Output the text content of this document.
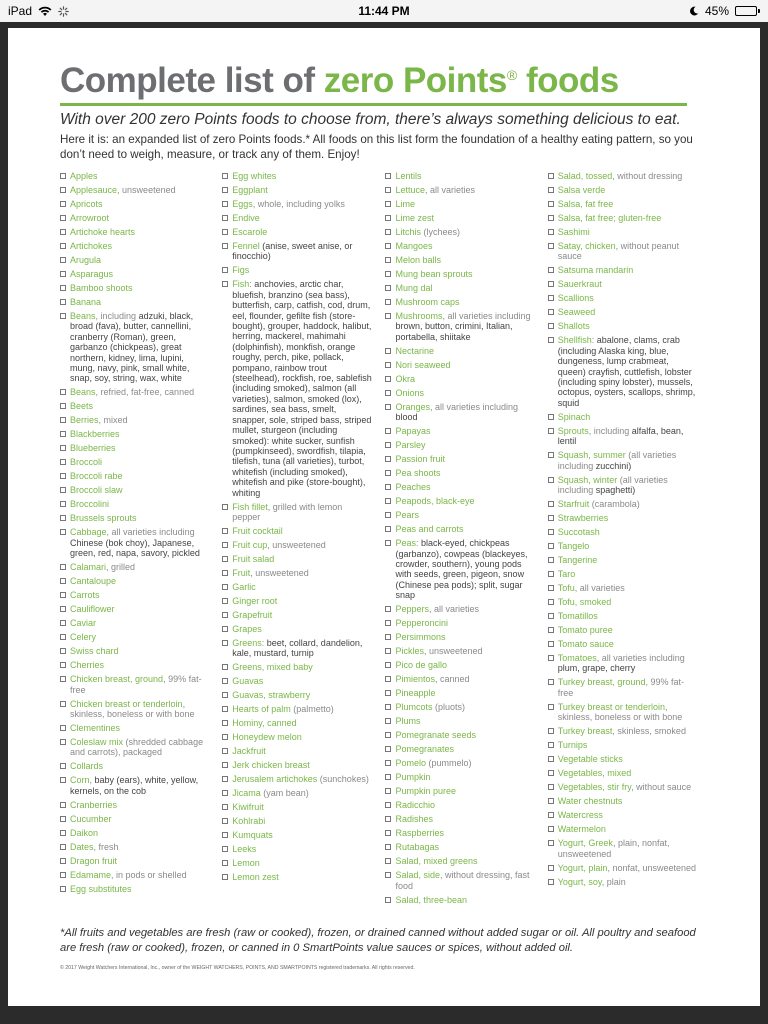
iPad	11:44 PM	45%
Complete list of zero Points® foods
With over 200 zero Points foods to choose from, there’s always something delicious to eat.
Here it is: an expanded list of zero Points foods.* All foods on this list form the foundation of a healthy eating pattern, so you don’t need to weigh, measure, or track any of them. Enjoy!
Apples
Applesauce, unsweetened
Apricots
Arrowroot
Artichoke hearts
Artichokes
Arugula
Asparagus
Bamboo shoots
Banana
Beans, including adzuki, black, broad (fava), butter, cannellini, cranberry (Roman), green, garbanzo (chickpeas), great northern, kidney, lima, lupini, mung, navy, pink, small white, snap, soy, string, wax, white
Beans, refried, fat-free, canned
Beets
Berries, mixed
Blackberries
Blueberries
Broccoli
Broccoli rabe
Broccoli slaw
Broccolini
Brussels sprouts
Cabbage, all varieties including Chinese (bok choy), Japanese, green, red, napa, savory, pickled
Calamari, grilled
Cantaloupe
Carrots
Cauliflower
Caviar
Celery
Swiss chard
Cherries
Chicken breast, ground, 99% fat-free
Chicken breast or tenderloin, skinless, boneless or with bone
Clementines
Coleslaw mix (shredded cabbage and carrots), packaged
Collards
Corn, baby (ears), white, yellow, kernels, on the cob
Cranberries
Cucumber
Daikon
Dates, fresh
Dragon fruit
Edamame, in pods or shelled
Egg substitutes
Egg whites
Eggplant
Eggs, whole, including yolks
Endive
Escarole
Fennel (anise, sweet anise, or finocchio)
Figs
Fish: anchovies, arctic char, bluefish, branzino (sea bass), butterfish, carp, catfish, cod, drum, eel, flounder, gefilte fish (store-bought), grouper, haddock, halibut, herring, mackerel, mahimahi (dolphinfish), monkfish, orange roughy, perch, pike, pollack, pompano, rainbow trout (steelhead), rockfish, roe, sablefish (including smoked), salmon (all varieties), salmon, smoked (lox), sardines, sea bass, smelt, snapper, sole, striped bass, striped mullet, sturgeon (including smoked): white sucker, sunfish (pumpkinseed), swordfish, tilapia, tilefish, tuna (all varieties), turbot, whitefish (including smoked), whitefish and pike (store-bought), whiting
Fish fillet, grilled with lemon pepper
Fruit cocktail
Fruit cup, unsweetened
Fruit salad
Fruit, unsweetened
Garlic
Ginger root
Grapefruit
Grapes
Greens: beet, collard, dandelion, kale, mustard, turnip
Greens, mixed baby
Guavas
Guavas, strawberry
Hearts of palm (palmetto)
Hominy, canned
Honeydew melon
Jackfruit
Jerk chicken breast
Jerusalem artichokes (sunchokes)
Jicama (yam bean)
Kiwifruit
Kohlrabi
Kumquats
Leeks
Lemon
Lemon zest
Lentils
Lettuce, all varieties
Lime
Lime zest
Litchis (lychees)
Mangoes
Melon balls
Mung bean sprouts
Mung dal
Mushroom caps
Mushrooms, all varieties including brown, button, crimini, Italian, portabella, shiitake
Nectarine
Nori seaweed
Okra
Onions
Oranges, all varieties including blood
Papayas
Parsley
Passion fruit
Pea shoots
Peaches
Peapods, black-eye
Pears
Peas and carrots
Peas: black-eyed, chickpeas (garbanzo), cowpeas (blackeyes, crowder, southern), young pods with seeds, green, pigeon, snow (Chinese pea pods); split, sugar snap
Peppers, all varieties
Pepperoncini
Persimmons
Pickles, unsweetened
Pico de gallo
Pimientos, canned
Pineapple
Plumcots (pluots)
Plums
Pomegranate seeds
Pomegranates
Pomelo (pummelo)
Pumpkin
Pumpkin puree
Radicchio
Radishes
Raspberries
Rutabagas
Salad, mixed greens
Salad, side, without dressing, fast food
Salad, three-bean
Salad, tossed, without dressing
Salsa verde
Salsa, fat free
Salsa, fat free; gluten-free
Sashimi
Satay, chicken, without peanut sauce
Satsuma mandarin
Sauerkraut
Scallions
Seaweed
Shallots
Shellfish: abalone, clams, crab (including Alaska king, blue, dungeness, lump crabmeat, queen) crayfish, cuttlefish, lobster (including spiny lobster), mussels, octopus, oysters, scallops, shrimp, squid
Spinach
Sprouts, including alfalfa, bean, lentil
Squash, summer (all varieties including zucchini)
Squash, winter (all varieties including spaghetti)
Starfruit (carambola)
Strawberries
Succotash
Tangelo
Tangerine
Taro
Tofu, all varieties
Tofu, smoked
Tomatillos
Tomato puree
Tomato sauce
Tomatoes, all varieties including plum, grape, cherry
Turkey breast, ground, 99% fat-free
Turkey breast or tenderloin, skinless, boneless or with bone
Turkey breast, skinless, smoked
Turnips
Vegetable sticks
Vegetables, mixed
Vegetables, stir fry, without sauce
Water chestnuts
Watercress
Watermelon
Yogurt, Greek, plain, nonfat, unsweetened
Yogurt, plain, nonfat, unsweetened
Yogurt, soy, plain
*All fruits and vegetables are fresh (raw or cooked), frozen, or drained canned without added sugar or oil. All poultry and seafood are fresh (raw or cooked), frozen, or canned in 0 SmartPoints value sauces or spices, without added oil.
© 2017 Weight Watchers International, Inc., owner of the WEIGHT WATCHERS, POINTS, AND SMARTPOINTS registered trademarks. All rights reserved.
